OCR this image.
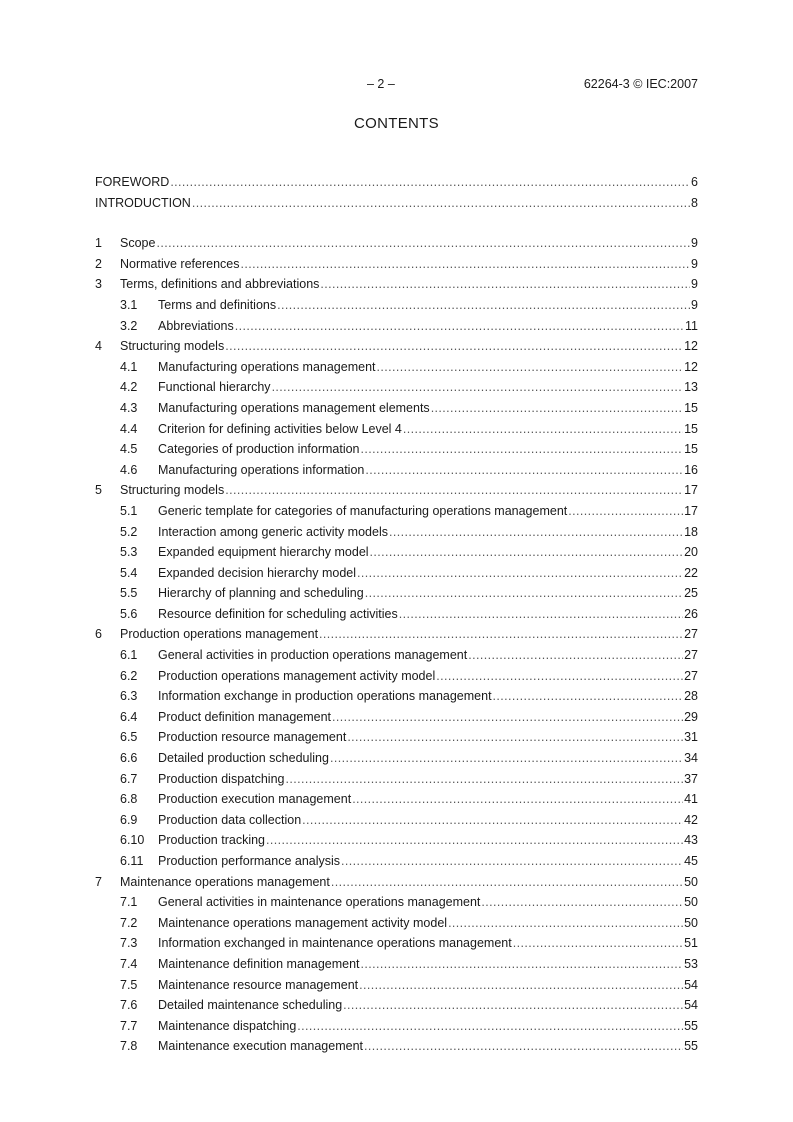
– 2 –	62264-3 © IEC:2007
CONTENTS
FOREWORD .....	6
INTRODUCTION .....	8
1	Scope .....	9
2	Normative references .....	9
3	Terms, definitions and abbreviations .....	9
3.1	Terms and definitions .....	9
3.2	Abbreviations .....	11
4	Structuring models .....	12
4.1	Manufacturing operations management .....	12
4.2	Functional hierarchy .....	13
4.3	Manufacturing operations management elements .....	15
4.4	Criterion for defining activities below Level 4 .....	15
4.5	Categories of production information .....	15
4.6	Manufacturing operations information .....	16
5	Structuring models .....	17
5.1	Generic template for categories of manufacturing operations management .....	17
5.2	Interaction among generic activity models .....	18
5.3	Expanded equipment hierarchy model .....	20
5.4	Expanded decision hierarchy model .....	22
5.5	Hierarchy of planning and scheduling .....	25
5.6	Resource definition for scheduling activities .....	26
6	Production operations management .....	27
6.1	General activities in production operations management .....	27
6.2	Production operations management activity model .....	27
6.3	Information exchange in production operations management .....	28
6.4	Product definition management .....	29
6.5	Production resource management .....	31
6.6	Detailed production scheduling .....	34
6.7	Production dispatching .....	37
6.8	Production execution management .....	41
6.9	Production data collection .....	42
6.10	Production tracking .....	43
6.11	Production performance analysis .....	45
7	Maintenance operations management .....	50
7.1	General activities in maintenance operations management .....	50
7.2	Maintenance operations management activity model .....	50
7.3	Information exchanged in maintenance operations management .....	51
7.4	Maintenance definition management .....	53
7.5	Maintenance resource management .....	54
7.6	Detailed maintenance scheduling .....	54
7.7	Maintenance dispatching .....	55
7.8	Maintenance execution management .....	55
